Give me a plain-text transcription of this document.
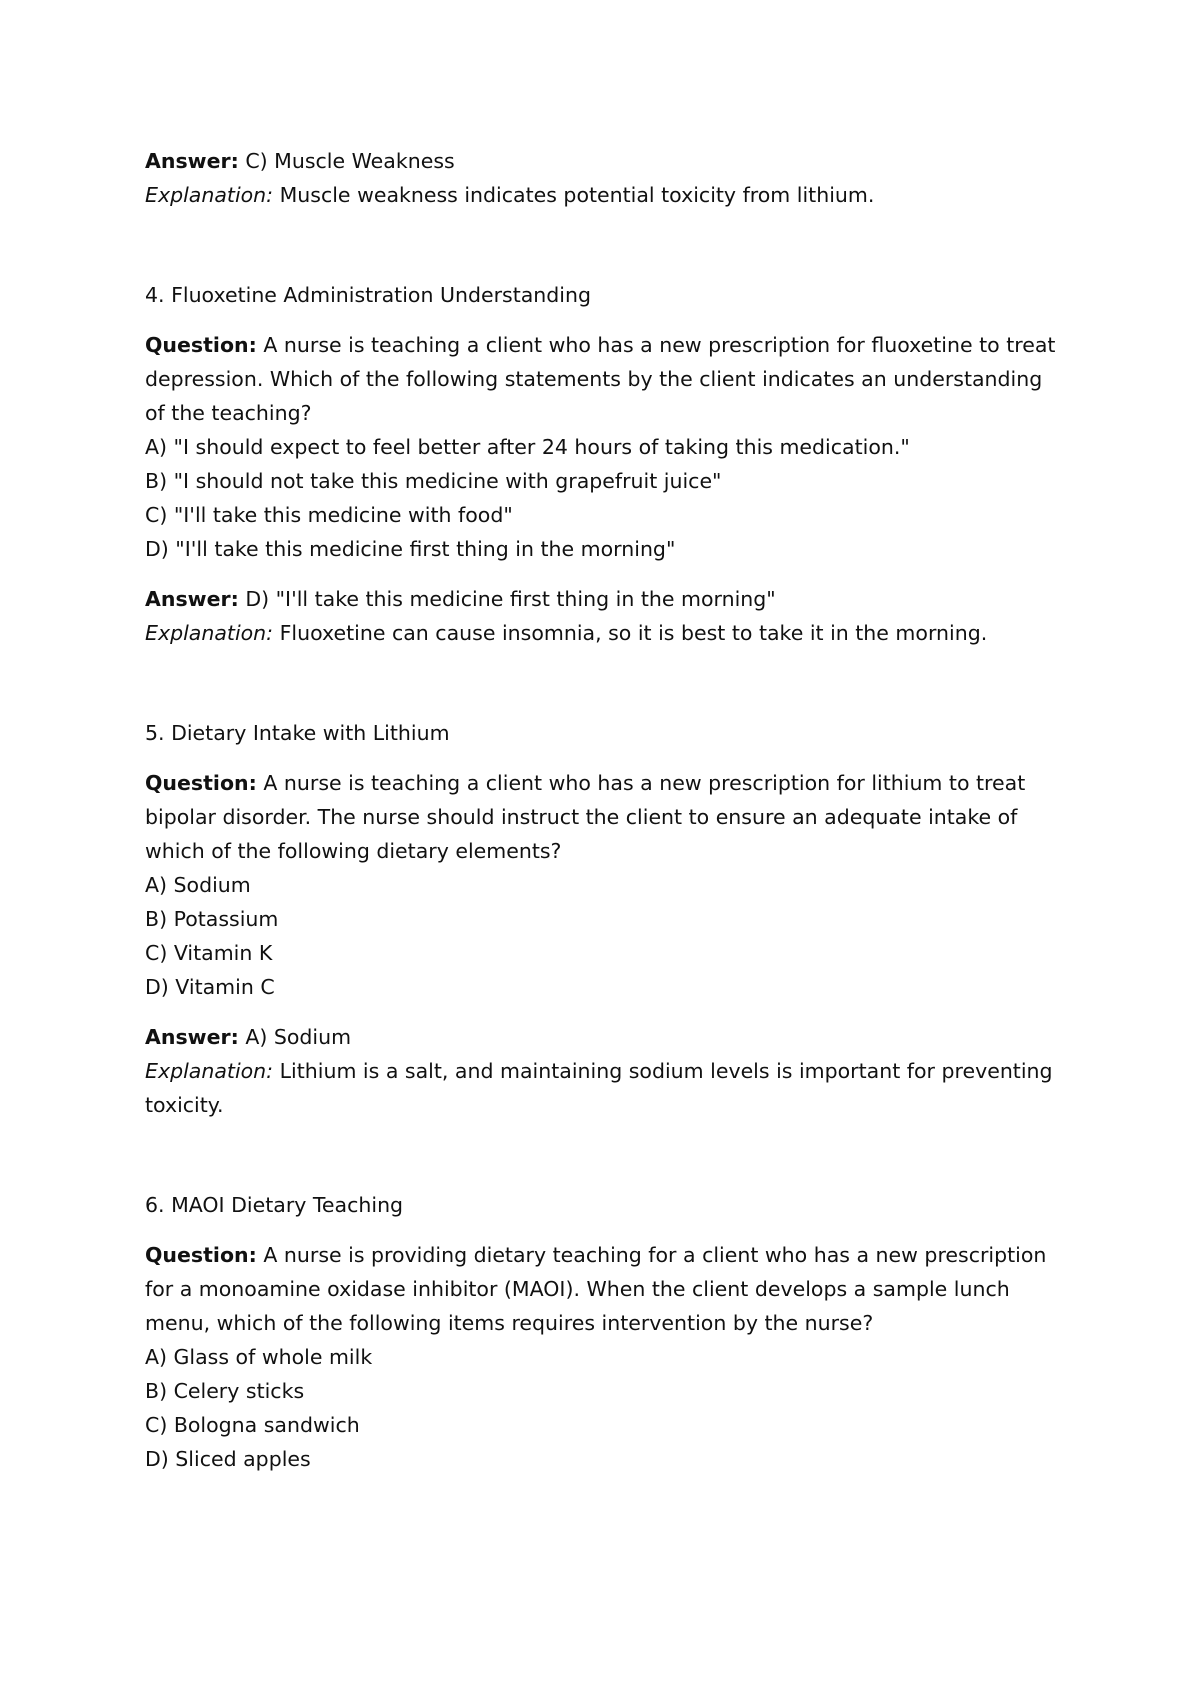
Answer: C) Muscle Weakness

Explanation: Muscle weakness indicates potential toxicity from lithium.

4. Fluoxetine Administration Understanding

Question: A nurse is teaching a client who has a new prescription for fluoxetine to treat depression. Which of the following statements by the client indicates an understanding of the teaching?

A) "I should expect to feel better after 24 hours of taking this medication."

B) "I should not take this medicine with grapefruit juice"

C) "I'll take this medicine with food"

D) "I'll take this medicine first thing in the morning"

Answer: D) "I'll take this medicine first thing in the morning"

Explanation: Fluoxetine can cause insomnia, so it is best to take it in the morning.

5. Dietary Intake with Lithium

Question: A nurse is teaching a client who has a new prescription for lithium to treat bipolar disorder. The nurse should instruct the client to ensure an adequate intake of which of the following dietary elements?

A) Sodium

B) Potassium

C) Vitamin K

D) Vitamin C

Answer: A) Sodium

Explanation: Lithium is a salt, and maintaining sodium levels is important for preventing toxicity.

6. MAOI Dietary Teaching

Question: A nurse is providing dietary teaching for a client who has a new prescription for a monoamine oxidase inhibitor (MAOI). When the client develops a sample lunch menu, which of the following items requires intervention by the nurse?

A) Glass of whole milk

B) Celery sticks

C) Bologna sandwich

D) Sliced apples
